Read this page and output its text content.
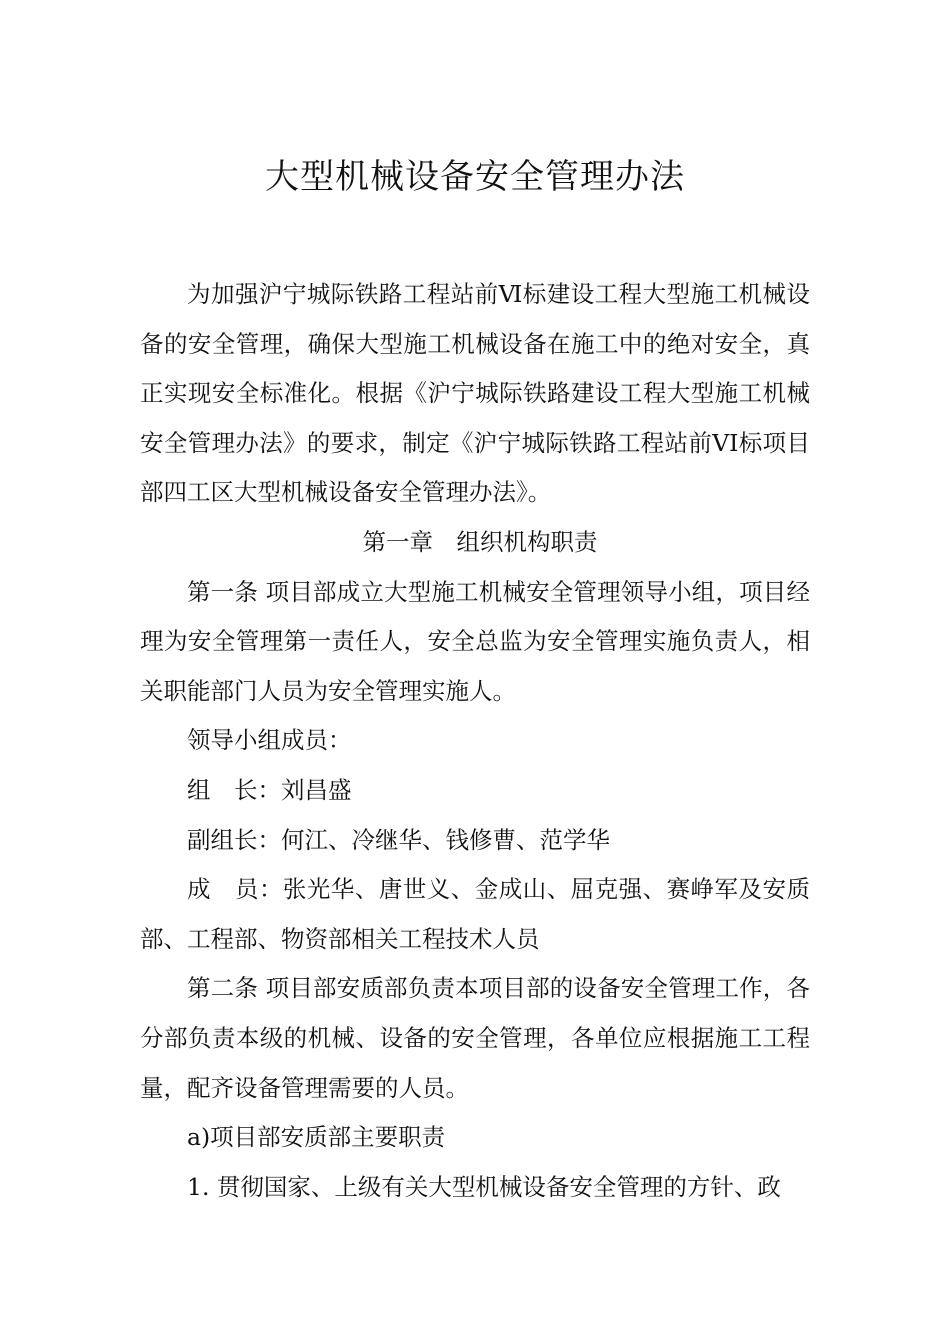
大型机械设备安全管理办法

为加强沪宁城际铁路工程站前Ⅵ标建设工程大型施工机械设备的安全管理，确保大型施工机械设备在施工中的绝对安全，真正实现安全标准化。根据《沪宁城际铁路建设工程大型施工机械安全管理办法》的要求，制定《沪宁城际铁路工程站前VI标项目部四工区大型机械设备安全管理办法》。

第一章　组织机构职责

第一条 项目部成立大型施工机械安全管理领导小组，项目经理为安全管理第一责任人，安全总监为安全管理实施负责人，相关职能部门人员为安全管理实施人。

领导小组成员：

组　长：刘昌盛

副组长：何江、冷继华、钱修曹、范学华

成　员：张光华、唐世义、金成山、屈克强、赛峥军及安质部、工程部、物资部相关工程技术人员

第二条 项目部安质部负责本项目部的设备安全管理工作，各分部负责本级的机械、设备的安全管理，各单位应根据施工工程量，配齐设备管理需要的人员。

a)项目部安质部主要职责

1. 贯彻国家、上级有关大型机械设备安全管理的方针、政
